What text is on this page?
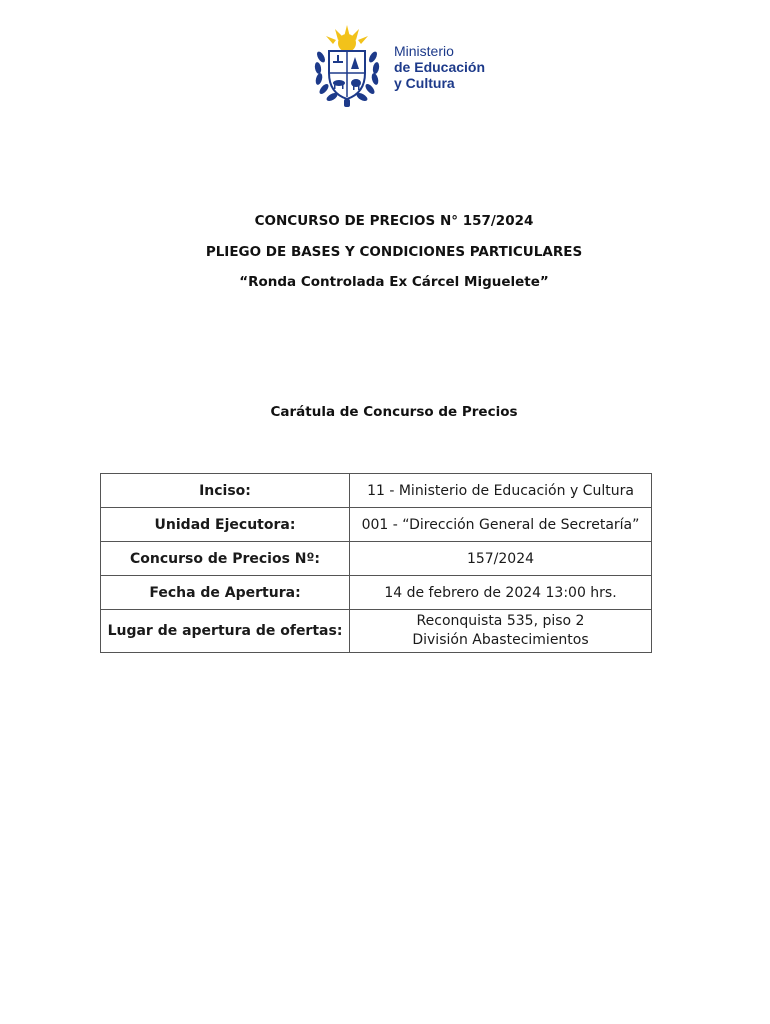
Ministerio
de Educación
y Cultura
CONCURSO DE PRECIOS N° 157/2024
PLIEGO DE BASES Y CONDICIONES PARTICULARES
“Ronda Controlada Ex Cárcel Miguelete”
Carátula de Concurso de Precios
Inciso:	11 - Ministerio de Educación y Cultura
Unidad Ejecutora:	001 - “Dirección General de Secretaría”
Concurso de Precios Nº:	157/2024
Fecha de Apertura:	14 de febrero de 2024 13:00 hrs.
Lugar de apertura de ofertas:	Reconquista 535, piso 2
División Abastecimientos
